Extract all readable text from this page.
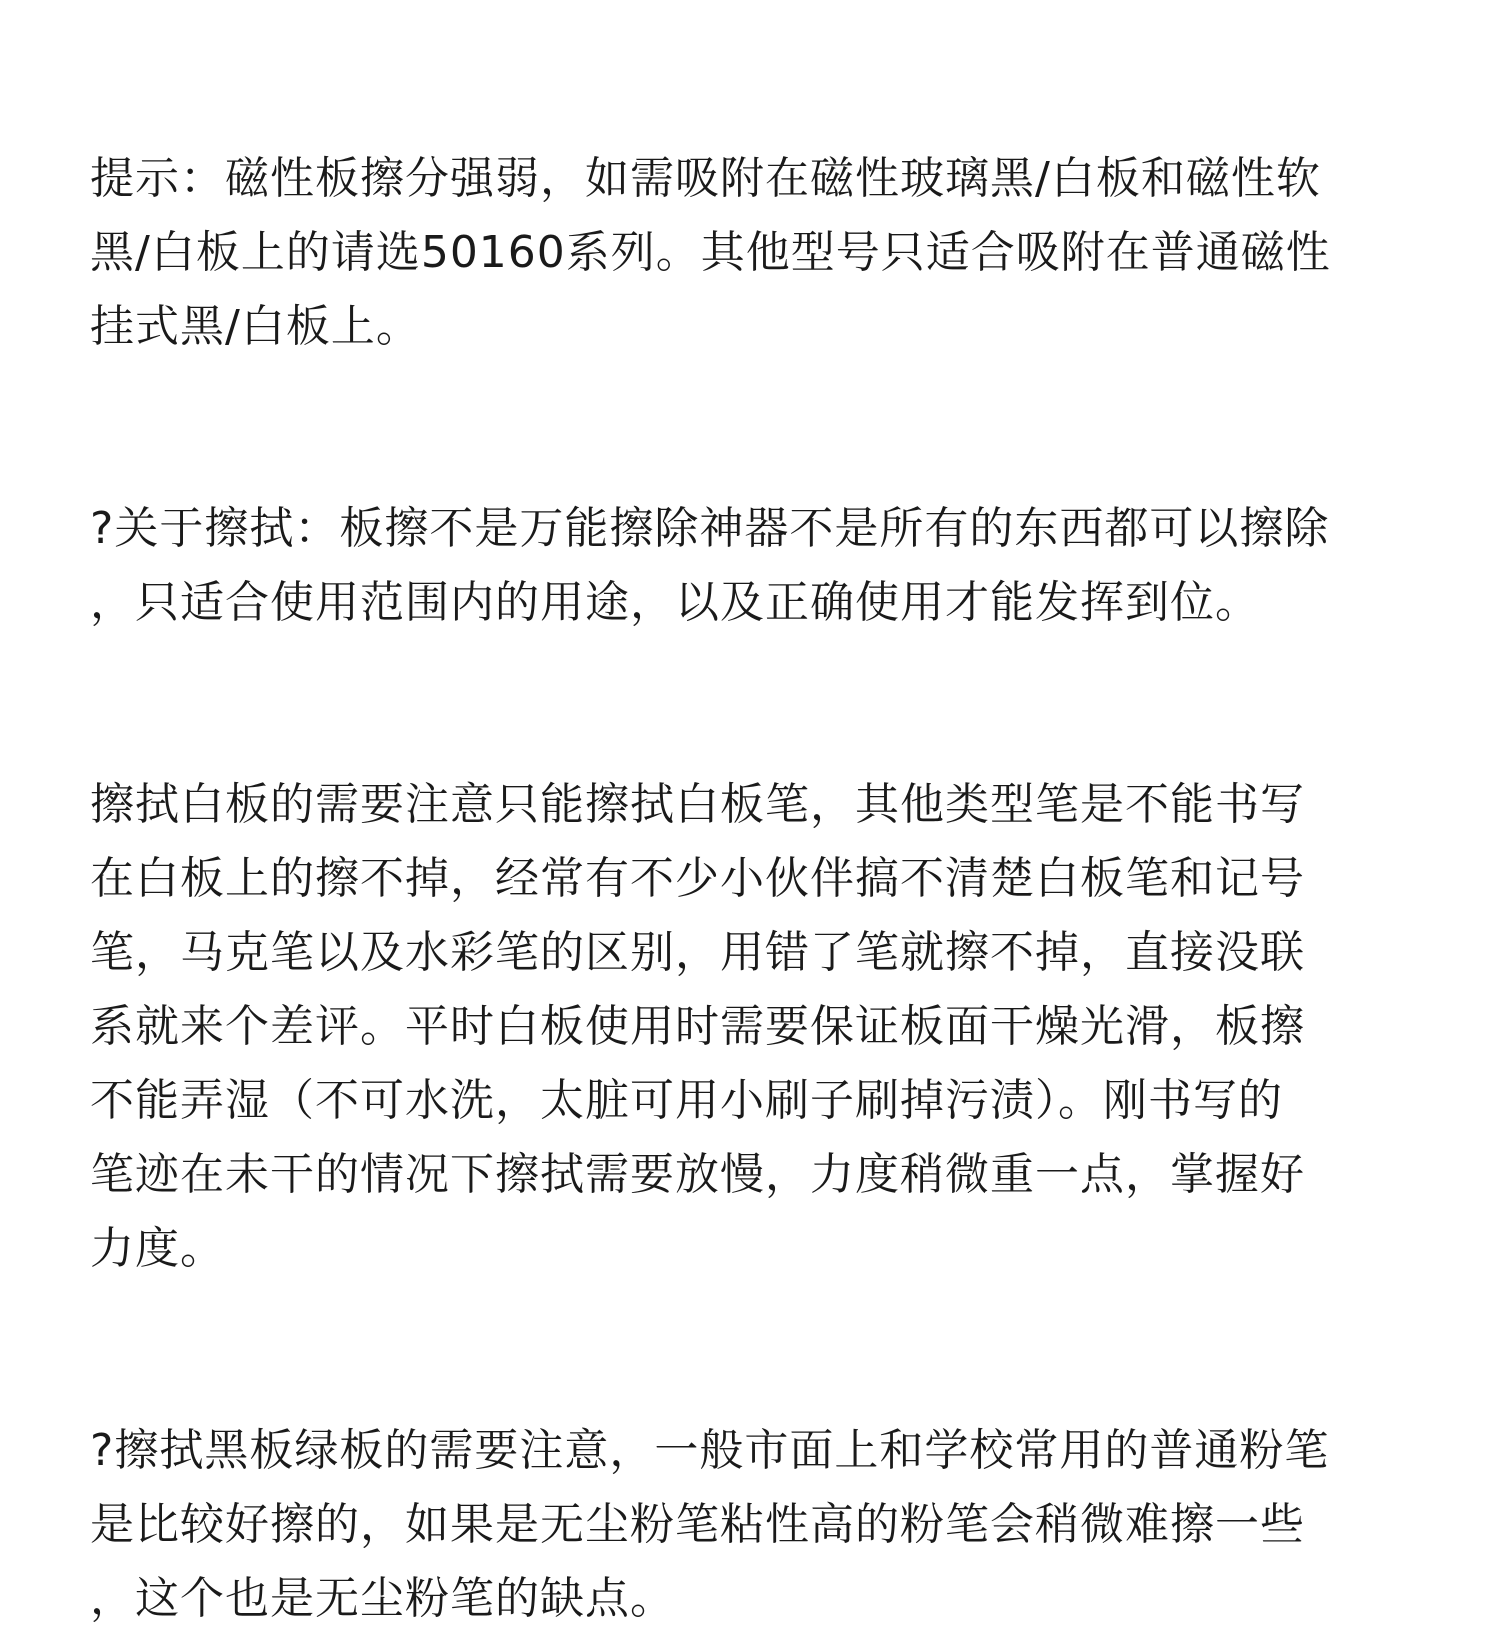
提示：磁性板擦分强弱，如需吸附在磁性玻璃黑/白板和磁性软
黑/白板上的请选50160系列。其他型号只适合吸附在普通磁性
挂式黑/白板上。
?关于擦拭：板擦不是万能擦除神器不是所有的东西都可以擦除
，只适合使用范围内的用途，以及正确使用才能发挥到位。
擦拭白板的需要注意只能擦拭白板笔，其他类型笔是不能书写
在白板上的擦不掉，经常有不少小伙伴搞不清楚白板笔和记号
笔，马克笔以及水彩笔的区别，用错了笔就擦不掉，直接没联
系就来个差评。平时白板使用时需要保证板面干燥光滑，板擦
不能弄湿（不可水洗，太脏可用小刷子刷掉污渍）。刚书写的
笔迹在未干的情况下擦拭需要放慢，力度稍微重一点，掌握好
力度。
?擦拭黑板绿板的需要注意，一般市面上和学校常用的普通粉笔
是比较好擦的，如果是无尘粉笔粘性高的粉笔会稍微难擦一些
，这个也是无尘粉笔的缺点。
